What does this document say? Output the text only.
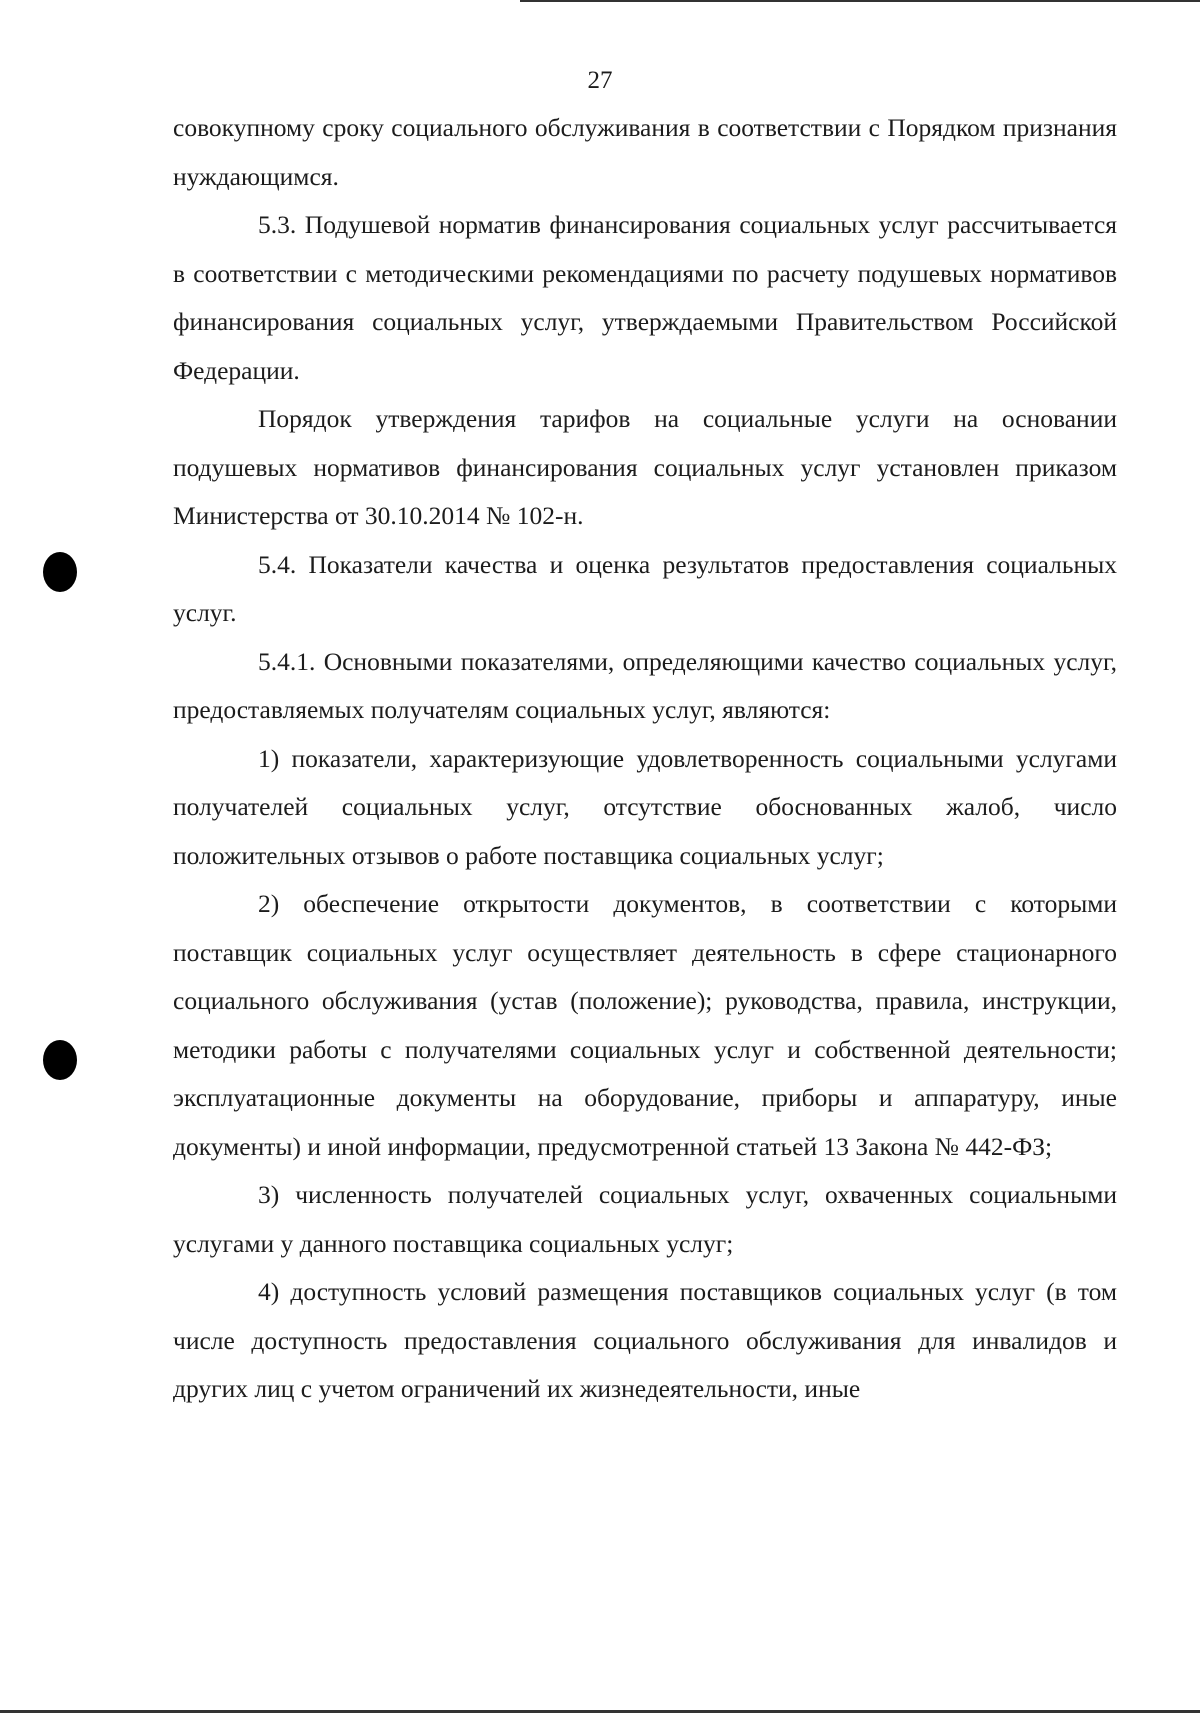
27

совокупному сроку социального обслуживания в соответствии с Порядком признания нуждающимся.

5.3. Подушевой норматив финансирования социальных услуг рассчитывается в соответствии с методическими рекомендациями по расчету подушевых нормативов финансирования социальных услуг, утверждаемыми Правительством Российской Федерации.

Порядок утверждения тарифов на социальные услуги на основании подушевых нормативов финансирования социальных услуг установлен приказом Министерства от 30.10.2014 № 102-н.

5.4. Показатели качества и оценка результатов предоставления социальных услуг.

5.4.1. Основными показателями, определяющими качество социальных услуг, предоставляемых получателям социальных услуг, являются:

1) показатели, характеризующие удовлетворенность социальными услугами получателей социальных услуг, отсутствие обоснованных жалоб, число положительных отзывов о работе поставщика социальных услуг;

2) обеспечение открытости документов, в соответствии с которыми поставщик социальных услуг осуществляет деятельность в сфере стационарного социального обслуживания (устав (положение); руководства, правила, инструкции, методики работы с получателями социальных услуг и собственной деятельности; эксплуатационные документы на оборудование, приборы и аппаратуру, иные документы) и иной информации, предусмотренной статьей 13 Закона № 442-ФЗ;

3) численность получателей социальных услуг, охваченных социальными услугами у данного поставщика социальных услуг;

4) доступность условий размещения поставщиков социальных услуг (в том числе доступность предоставления социального обслуживания для инвалидов и других лиц с учетом ограничений их жизнедеятельности, иные
